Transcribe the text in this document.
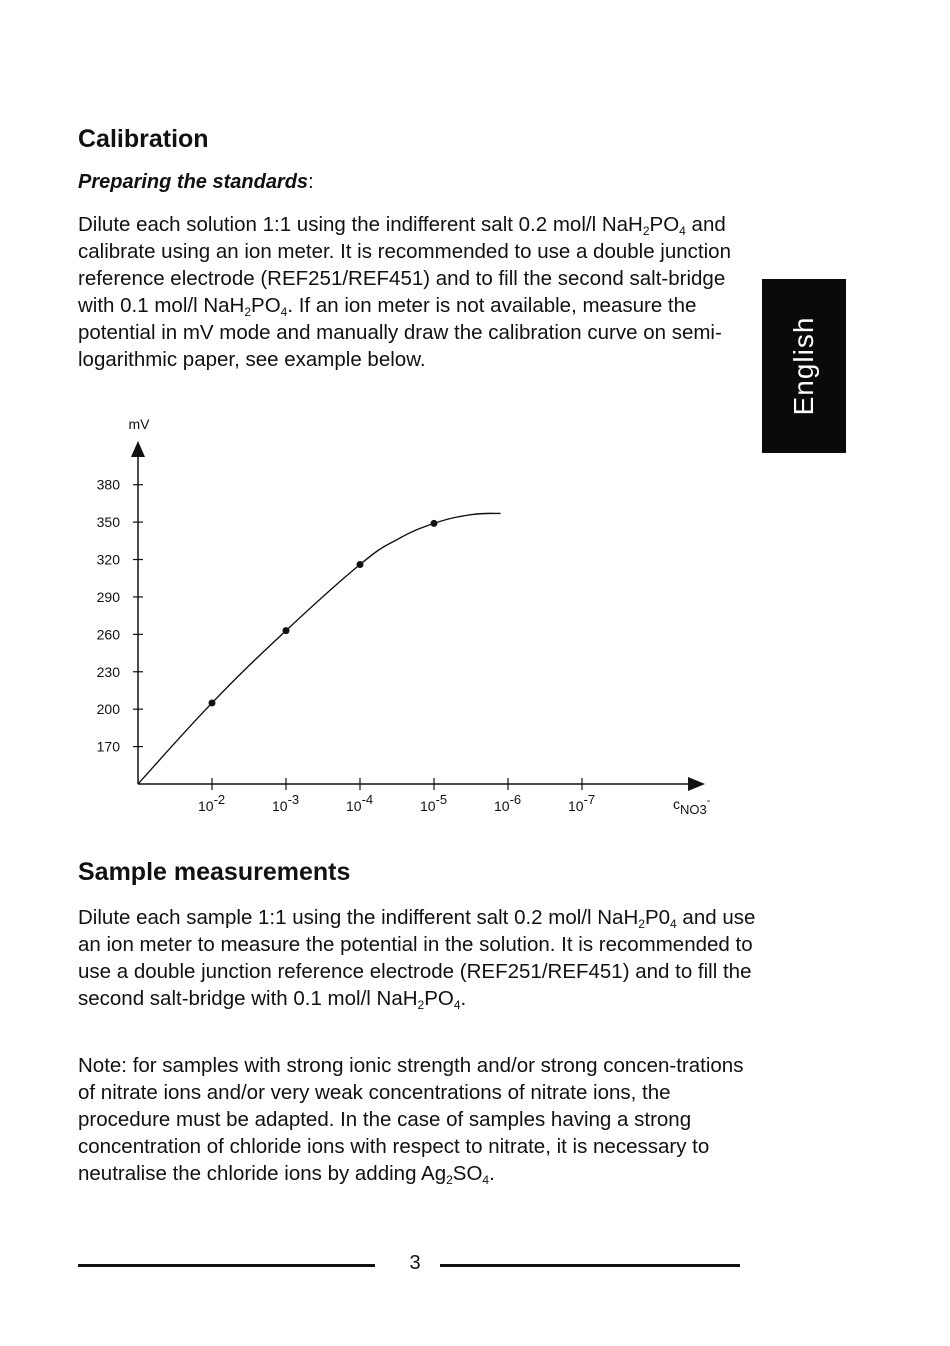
English
Calibration
Preparing the standards:

Dilute each solution 1:1 using the indifferent salt 0.2 mol/l $NaH_2PO_4$ and calibrate using an ion meter. It is recommended to use a double junction reference electrode (REF251/REF451) and to fill the second salt-bridge with 0.1 mol/l $NaH_2PO_4$. If an ion meter is not available, measure the potential in mV mode and manually draw the calibration curve on semi-logarithmic paper, see example below.

mV
170
200
230
260
290
320
350
380
10-2	10-3	10-4	10-5	10-6	10-7	cNO3-
Sample measurements

Dilute each sample 1:1 using the indifferent salt 0.2 mol/l $NaH_2P0_4$ and use an ion meter to measure the potential in the solution. It is recommended to use a double junction reference electrode (REF251/REF451) and to fill the second salt-bridge with 0.1 mol/l $NaH_2PO_4$.

Note: for samples with strong ionic strength and/or strong concen-trations of nitrate ions and/or very weak concentrations of nitrate ions, the procedure must be adapted. In the case of samples having a strong concentration of chloride ions with respect to nitrate, it is necessary to neutralise the chloride ions by adding $Ag_2SO_4$.

3
